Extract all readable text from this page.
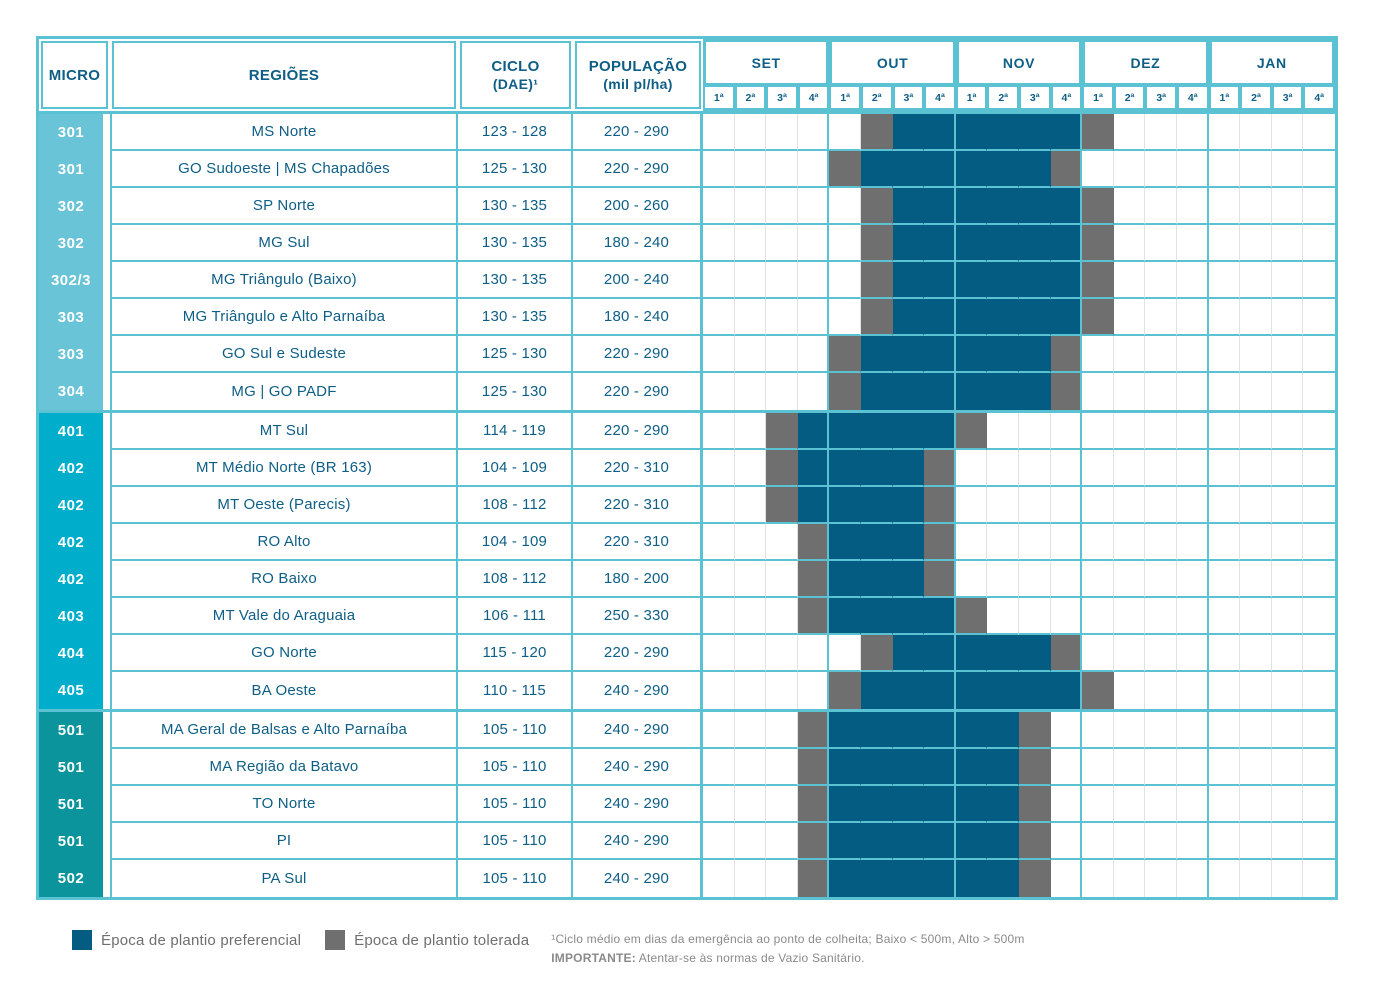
MICRO	REGIÕES	CICLO
(DAE)¹
POPULAÇÃO
(mil pl/ha)
SET
1ª	2ª	3ª	4ª
OUT
1ª	2ª	3ª	4ª
NOV
1ª	2ª	3ª	4ª
DEZ
1ª	2ª	3ª	4ª
JAN
1ª	2ª	3ª	4ª
301	MS Norte	123 - 128	220 - 290
301	GO Sudoeste | MS Chapadões	125 - 130	220 - 290
302	SP Norte	130 - 135	200 - 260
302	MG Sul	130 - 135	180 - 240
302/3	MG Triângulo (Baixo)	130 - 135	200 - 240
303	MG Triângulo e Alto Parnaíba	130 - 135	180 - 240
303	GO Sul e Sudeste	125 - 130	220 - 290
304	MG | GO PADF	125 - 130	220 - 290
401	MT Sul	114 - 119	220 - 290
402	MT Médio Norte (BR 163)	104 - 109	220 - 310
402	MT Oeste (Parecis)	108 - 112	220 - 310
402	RO Alto	104 - 109	220 - 310
402	RO Baixo	108 - 112	180 - 200
403	MT Vale do Araguaia	106 - 111	250 - 330
404	GO Norte	115 - 120	220 - 290
405	BA Oeste	110 - 115	240 - 290
501	MA Geral de Balsas e Alto Parnaíba	105 - 110	240 - 290
501	MA Região da Batavo	105 - 110	240 - 290
501	TO Norte	105 - 110	240 - 290
501	PI	105 - 110	240 - 290
502	PA Sul	105 - 110	240 - 290
Época de plantio preferencial	Época de plantio tolerada ¹Ciclo médio em dias da emergência ao ponto de colheita; Baixo < 500m, Alto > 500m
IMPORTANTE: Atentar-se às normas de Vazio Sanitário.
